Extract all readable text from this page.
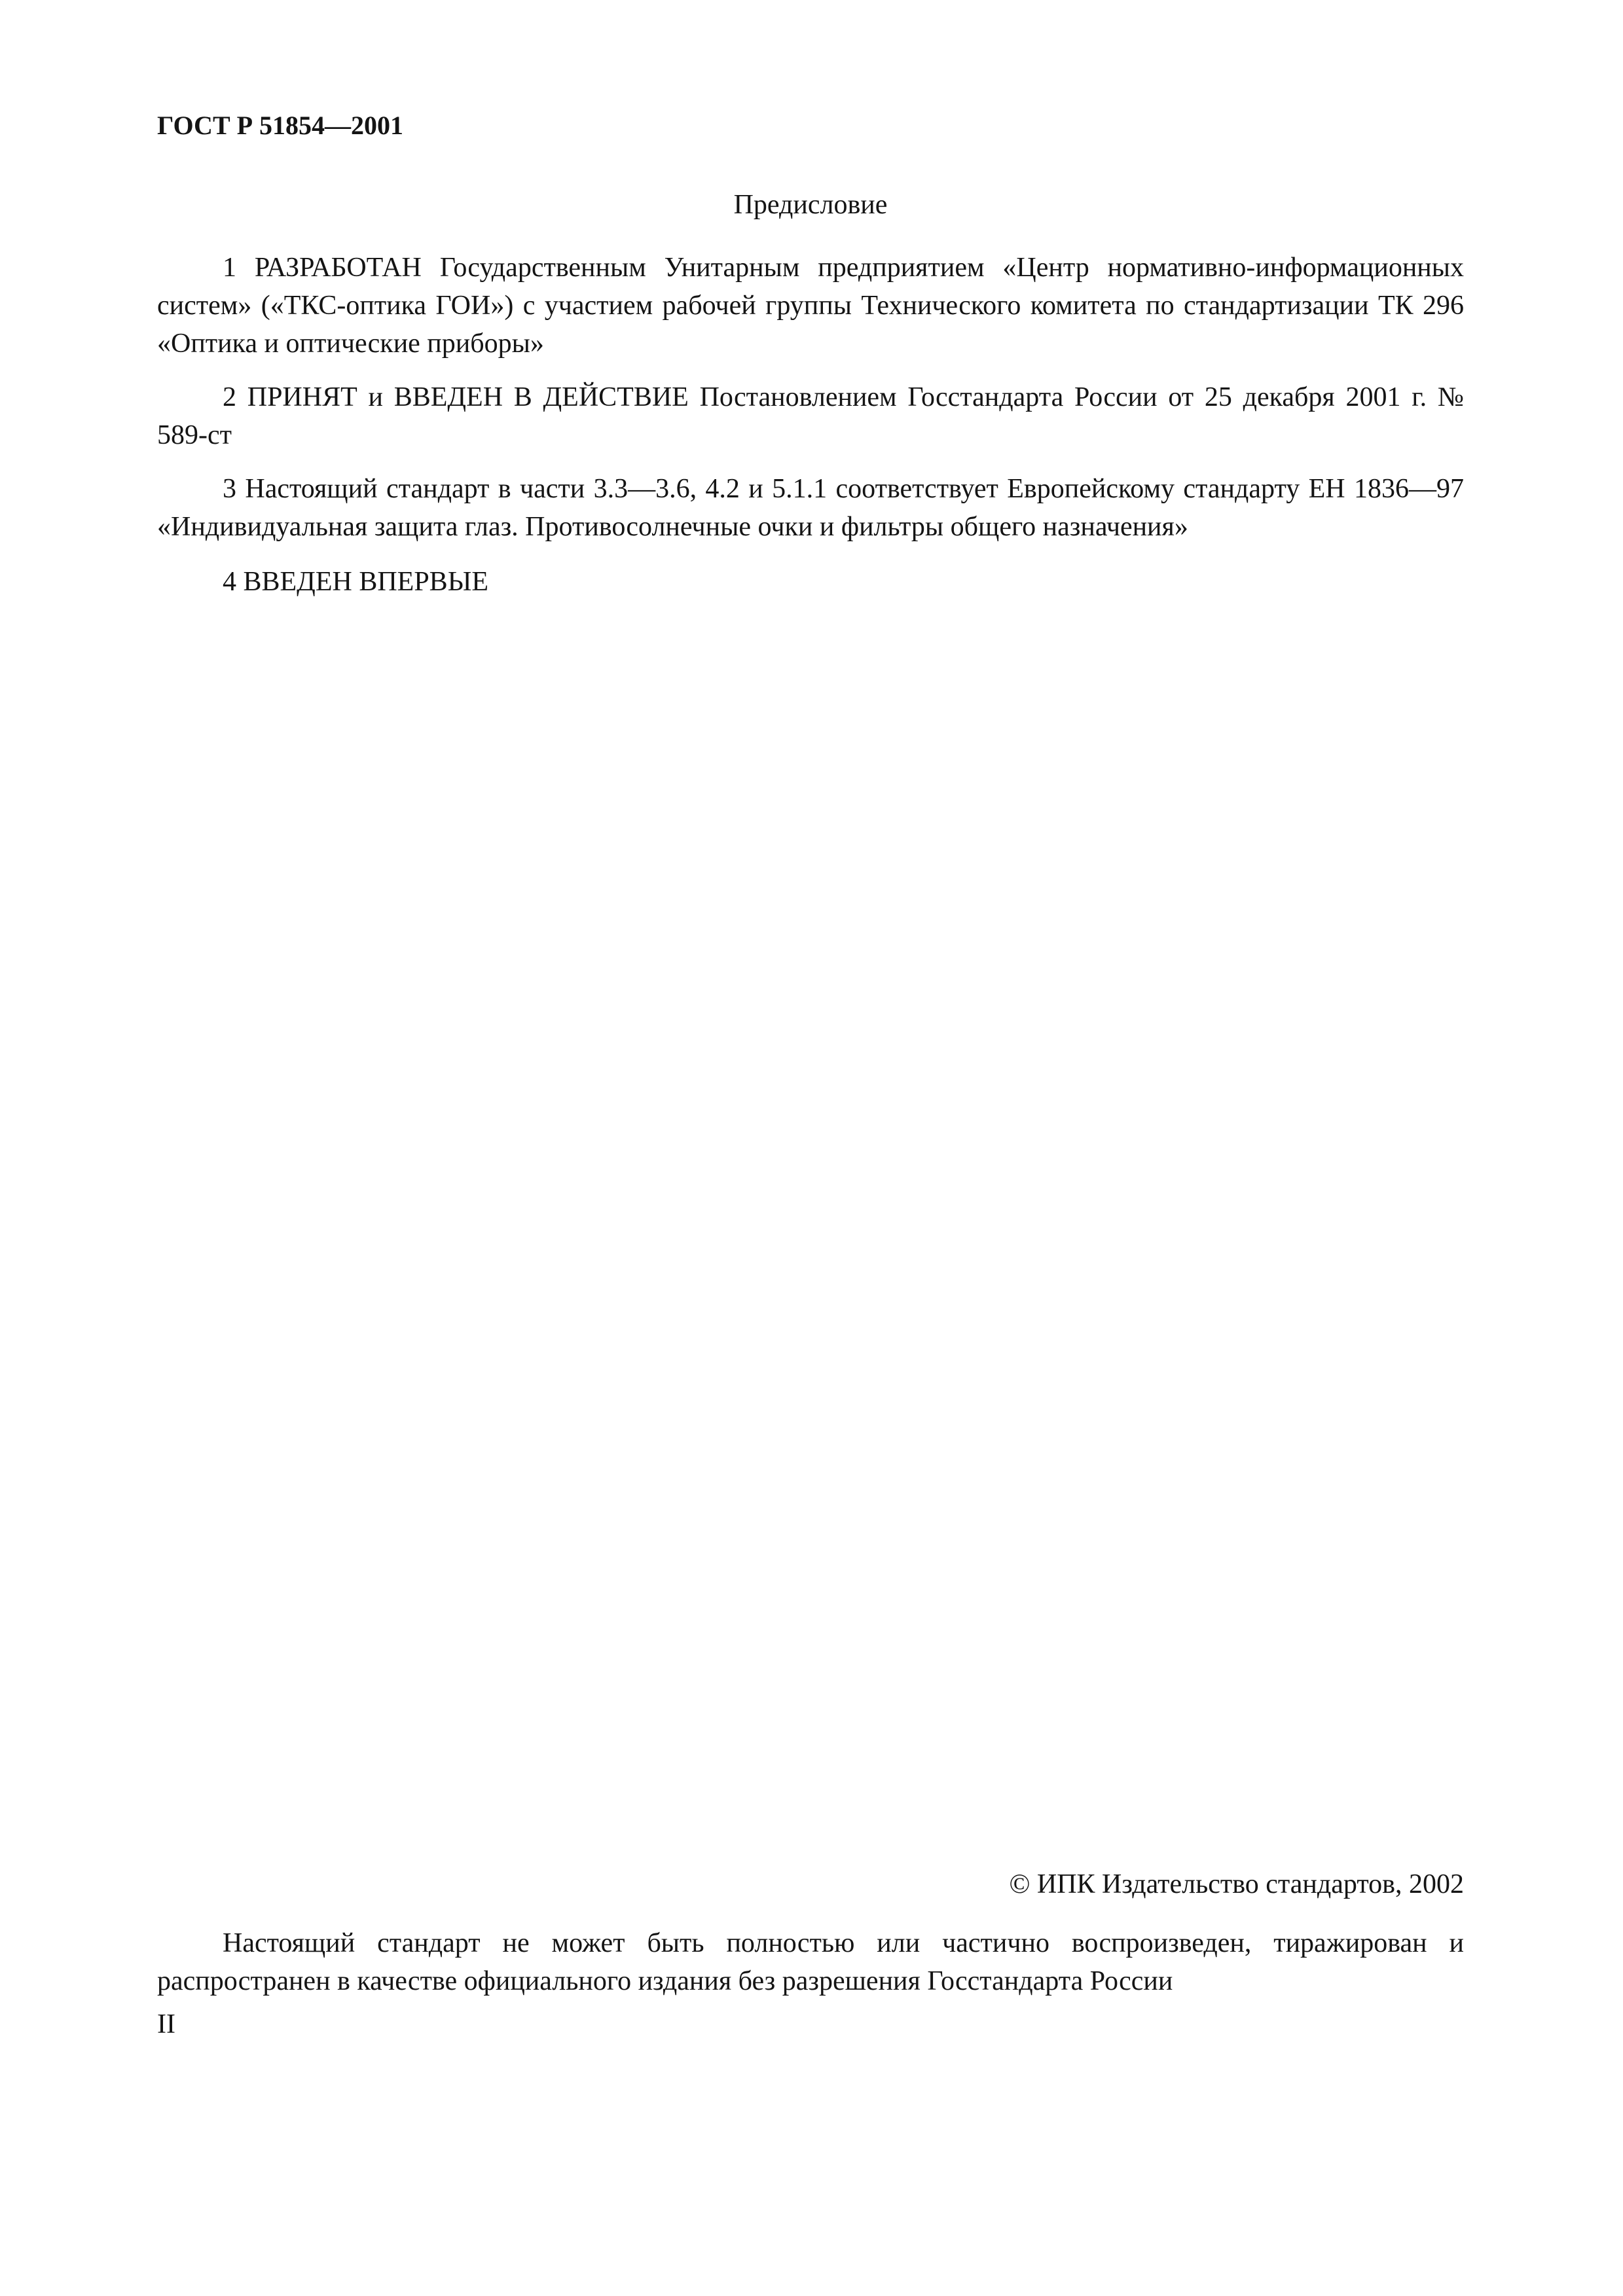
ГОСТ Р 51854—2001
Предисловие

1 РАЗРАБОТАН Государственным Унитарным предприятием «Центр нормативно-информационных систем» («ТКС-оптика ГОИ») с участием рабочей группы Технического комитета по стандартизации ТК 296 «Оптика и оптические приборы»

2 ПРИНЯТ и ВВЕДЕН В ДЕЙСТВИЕ Постановлением Госстандарта России от 25 декабря 2001 г. № 589-ст

3 Настоящий стандарт в части 3.3—3.6, 4.2 и 5.1.1 соответствует Европейскому стандарту ЕН 1836—97 «Индивидуальная защита глаз. Противосолнечные очки и фильтры общего назначения»

4 ВВЕДЕН ВПЕРВЫЕ

© ИПК Издательство стандартов, 2002

Настоящий стандарт не может быть полностью или частично воспроизведен, тиражирован и распространен в качестве официального издания без разрешения Госстандарта России

II
